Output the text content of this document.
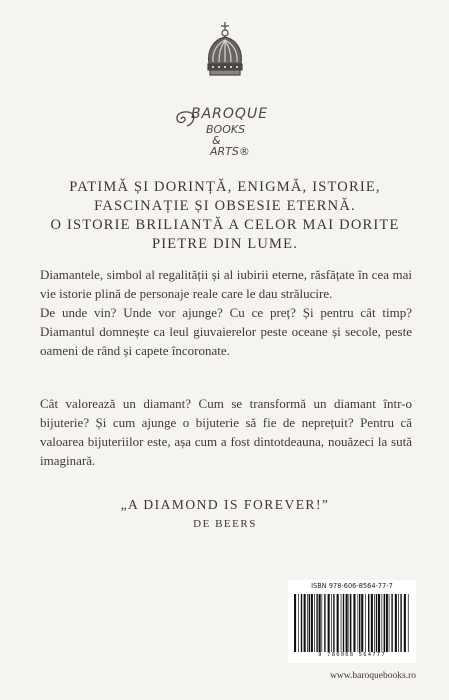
BAROQUE
BOOKS
&
ARTS®
PATIMĂ ȘI DORINȚĂ, ENIGMĂ, ISTORIE,
FASCINAȚIE ȘI OBSESIE ETERNĂ.
O ISTORIE BRILIANTĂ A CELOR MAI DORITE
PIETRE DIN LUME.
Diamantele, simbol al regalității și al iubirii eterne, răsfățate în cea mai vie istorie plină de personaje reale care le dau strălucire.
De unde vin? Unde vor ajunge? Cu ce preț? Și pentru cât timp? Diamantul domnește ca leul giuvaierelor peste oceane și secole, peste oameni de rând și capete încoronate.
Cât valorează un diamant? Cum se transformă un diamant într-o bijuterie? Și cum ajunge o bijuterie să fie de neprețuit? Pentru că valoarea bijuteriilor este, așa cum a fost dintotdeauna, nouăzeci la sută imaginară.
„A DIAMOND IS FOREVER!”
DE BEERS
ISBN 978-606-8564-77-7
9 786068 564777
www.baroquebooks.ro
